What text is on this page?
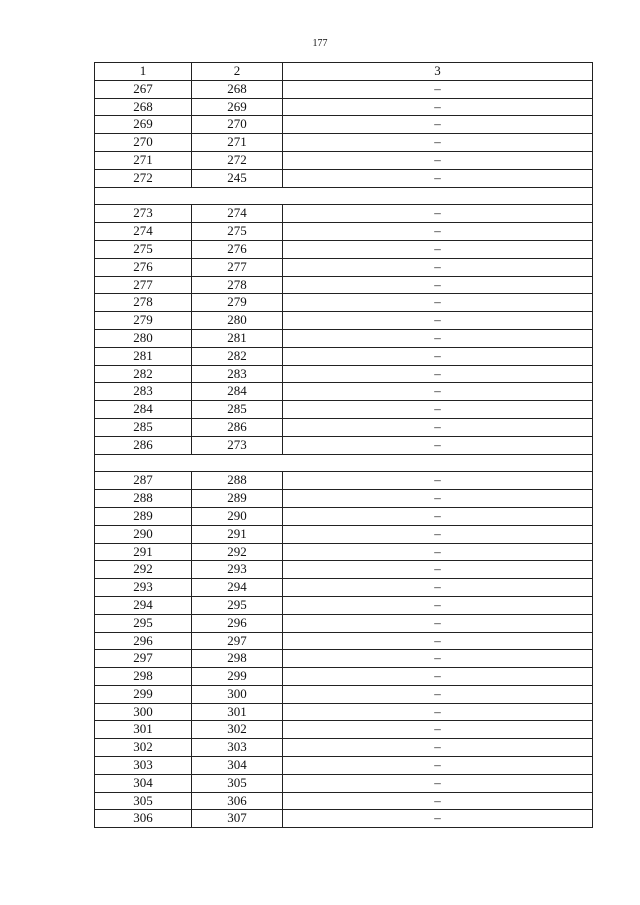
177
1	2	3
267	268	–
268	269	–
269	270	–
270	271	–
271	272	–
272	245	–

273	274	–
274	275	–
275	276	–
276	277	–
277	278	–
278	279	–
279	280	–
280	281	–
281	282	–
282	283	–
283	284	–
284	285	–
285	286	–
286	273	–

287	288	–
288	289	–
289	290	–
290	291	–
291	292	–
292	293	–
293	294	–
294	295	–
295	296	–
296	297	–
297	298	–
298	299	–
299	300	–
300	301	–
301	302	–
302	303	–
303	304	–
304	305	–
305	306	–
306	307	–
